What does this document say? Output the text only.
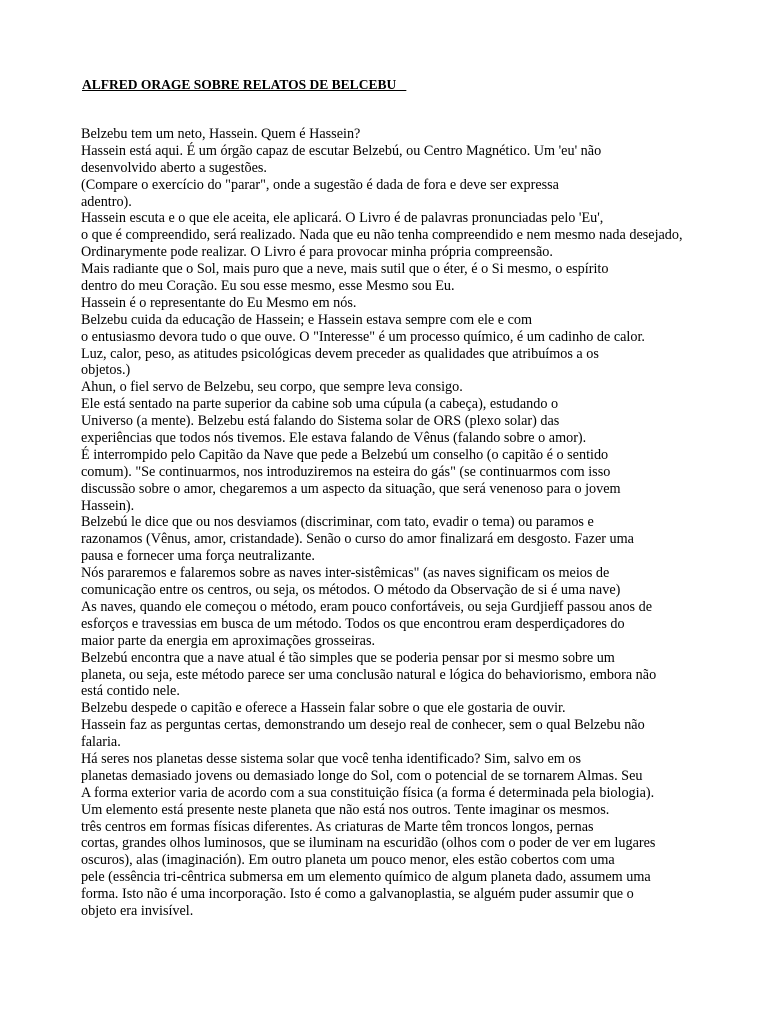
ALFRED ORAGE SOBRE RELATOS DE BELCEBU
Belzebu tem um neto, Hassein. Quem é Hassein?
Hassein está aqui. É um órgão capaz de escutar Belzebú, ou Centro Magnético. Um 'eu' não
desenvolvido aberto a sugestões.
(Compare o exercício do "parar", onde a sugestão é dada de fora e deve ser expressa
adentro).
Hassein escuta e o que ele aceita, ele aplicará. O Livro é de palavras pronunciadas pelo 'Eu',
o que é compreendido, será realizado. Nada que eu não tenha compreendido e nem mesmo nada desejado,
Ordinarymente pode realizar. O Livro é para provocar minha própria compreensão.
Mais radiante que o Sol, mais puro que a neve, mais sutil que o éter, é o Si mesmo, o espírito
dentro do meu Coração. Eu sou esse mesmo, esse Mesmo sou Eu.
Hassein é o representante do Eu Mesmo em nós.
Belzebu cuida da educação de Hassein; e Hassein estava sempre com ele e com
o entusiasmo devora tudo o que ouve. O "Interesse" é um processo químico, é um cadinho de calor.
Luz, calor, peso, as atitudes psicológicas devem preceder as qualidades que atribuímos a os
objetos.)
Ahun, o fiel servo de Belzebu, seu corpo, que sempre leva consigo.
Ele está sentado na parte superior da cabine sob uma cúpula (a cabeça), estudando o
Universo (a mente). Belzebu está falando do Sistema solar de ORS (plexo solar) das
experiências que todos nós tivemos. Ele estava falando de Vênus (falando sobre o amor).
É interrompido pelo Capitão da Nave que pede a Belzebú um conselho (o capitão é o sentido
comum). "Se continuarmos, nos introduziremos na esteira do gás" (se continuarmos com isso
discussão sobre o amor, chegaremos a um aspecto da situação, que será venenoso para o jovem
Hassein).
Belzebú le dice que ou nos desviamos (discriminar, com tato, evadir o tema) ou paramos e
razonamos (Vênus, amor, cristandade). Senão o curso do amor finalizará em desgosto. Fazer uma
pausa e fornecer uma força neutralizante.
Nós pararemos e falaremos sobre as naves inter-sistêmicas" (as naves significam os meios de
comunicação entre os centros, ou seja, os métodos. O método da Observação de si é uma nave)
As naves, quando ele começou o método, eram pouco confortáveis, ou seja Gurdjieff passou anos de
esforços e travessias em busca de um método. Todos os que encontrou eram desperdiçadores do
maior parte da energia em aproximações grosseiras.
Belzebú encontra que a nave atual é tão simples que se poderia pensar por si mesmo sobre um
planeta, ou seja, este método parece ser uma conclusão natural e lógica do behaviorismo, embora não
está contido nele.
Belzebu despede o capitão e oferece a Hassein falar sobre o que ele gostaria de ouvir.
Hassein faz as perguntas certas, demonstrando um desejo real de conhecer, sem o qual Belzebu não
falaria.
Há seres nos planetas desse sistema solar que você tenha identificado? Sim, salvo em os
planetas demasiado jovens ou demasiado longe do Sol, com o potencial de se tornarem Almas. Seu
A forma exterior varia de acordo com a sua constituição física (a forma é determinada pela biologia).
Um elemento está presente neste planeta que não está nos outros. Tente imaginar os mesmos.
três centros em formas físicas diferentes. As criaturas de Marte têm troncos longos, pernas
cortas, grandes olhos luminosos, que se iluminam na escuridão (olhos com o poder de ver em lugares
oscuros), alas (imaginación). Em outro planeta um pouco menor, eles estão cobertos com uma
pele (essência tri-cêntrica submersa em um elemento químico de algum planeta dado, assumem uma
forma. Isto não é uma incorporação. Isto é como a galvanoplastia, se alguém puder assumir que o
objeto era invisível.
